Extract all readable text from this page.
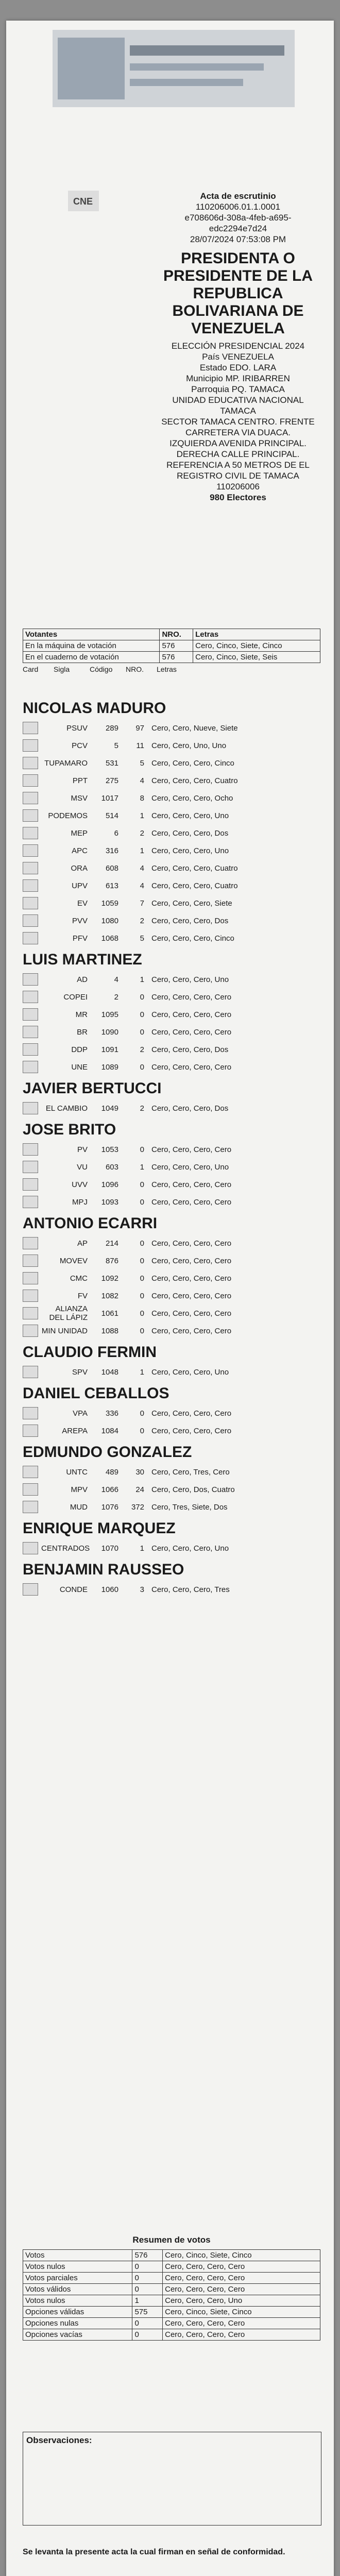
CNE
Acta de escrutinio
110206006.01.1.0001
e708606d-308a-4feb-a695-edc2294e7d24
28/07/2024 07:53:08 PM
PRESIDENTA O PRESIDENTE DE LA REPUBLICA BOLIVARIANA DE VENEZUELA
ELECCIÓN PRESIDENCIAL 2024
País VENEZUELA
Estado EDO. LARA
Municipio MP. IRIBARREN
Parroquia PQ. TAMACA
UNIDAD EDUCATIVA NACIONAL TAMACA
SECTOR TAMACA CENTRO. FRENTE CARRETERA VIA DUACA. IZQUIERDA AVENIDA PRINCIPAL. DERECHA CALLE PRINCIPAL. REFERENCIA A 50 METROS DE EL REGISTRO CIVIL DE TAMACA
110206006
980 Electores
Votantes	NRO.	Letras
En la máquina de votación	576	Cero, Cinco, Siete, Cinco
En el cuaderno de votación	576	Cero, Cinco, Siete, Seis
Card	Sigla	Código	NRO.	Letras
NICOLAS MADURO
PSUV	289	97 Cero, Cero, Nueve, Siete
PCV	5	11 Cero, Cero, Uno, Uno
TUPAMARO	531	5 Cero, Cero, Cero, Cinco
PPT	275	4 Cero, Cero, Cero, Cuatro
MSV	1017	8 Cero, Cero, Cero, Ocho
PODEMOS	514	1 Cero, Cero, Cero, Uno
MEP	6	2 Cero, Cero, Cero, Dos
APC	316	1 Cero, Cero, Cero, Uno
ORA	608	4 Cero, Cero, Cero, Cuatro
UPV	613	4 Cero, Cero, Cero, Cuatro
EV	1059	7 Cero, Cero, Cero, Siete
PVV	1080	2 Cero, Cero, Cero, Dos
PFV	1068	5 Cero, Cero, Cero, Cinco
LUIS MARTINEZ
AD	4	1 Cero, Cero, Cero, Uno
COPEI	2	0 Cero, Cero, Cero, Cero
MR	1095	0 Cero, Cero, Cero, Cero
BR	1090	0 Cero, Cero, Cero, Cero
DDP	1091	2 Cero, Cero, Cero, Dos
UNE	1089	0 Cero, Cero, Cero, Cero
JAVIER BERTUCCI
EL CAMBIO	1049	2 Cero, Cero, Cero, Dos
JOSE BRITO
PV	1053	0 Cero, Cero, Cero, Cero
VU	603	1 Cero, Cero, Cero, Uno
UVV	1096	0 Cero, Cero, Cero, Cero
MPJ	1093	0 Cero, Cero, Cero, Cero
ANTONIO ECARRI
AP	214	0 Cero, Cero, Cero, Cero
MOVEV	876	0 Cero, Cero, Cero, Cero
CMC	1092	0 Cero, Cero, Cero, Cero
FV	1082	0 Cero, Cero, Cero, Cero
ALIANZA DEL LÁPIZ	1061	0 Cero, Cero, Cero, Cero
MIN UNIDAD	1088	0 Cero, Cero, Cero, Cero
CLAUDIO FERMIN
SPV	1048	1 Cero, Cero, Cero, Uno
DANIEL CEBALLOS
VPA	336	0 Cero, Cero, Cero, Cero
AREPA	1084	0 Cero, Cero, Cero, Cero
EDMUNDO GONZALEZ
UNTC	489	30 Cero, Cero, Tres, Cero
MPV	1066	24 Cero, Cero, Dos, Cuatro
MUD	1076	372 Cero, Tres, Siete, Dos
ENRIQUE MARQUEZ
CENTRADOS	1070	1 Cero, Cero, Cero, Uno
BENJAMIN RAUSSEO
CONDE	1060	3 Cero, Cero, Cero, Tres
Resumen de votos
Votos	576	Cero, Cinco, Siete, Cinco
Votos nulos	0	Cero, Cero, Cero, Cero
Votos parciales	0	Cero, Cero, Cero, Cero
Votos válidos	0	Cero, Cero, Cero, Cero
Votos nulos	1	Cero, Cero, Cero, Uno
Opciones válidas	575	Cero, Cinco, Siete, Cinco
Opciones nulas	0	Cero, Cero, Cero, Cero
Opciones vacías	0	Cero, Cero, Cero, Cero
Observaciones:
Se levanta la presente acta la cual firman en señal de conformidad.
